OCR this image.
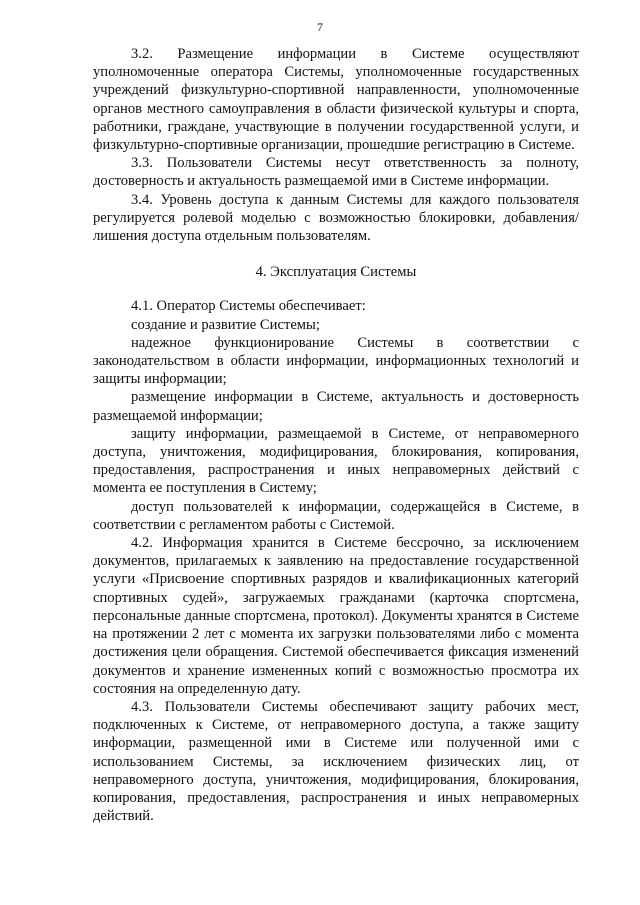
7

3.2. Размещение информации в Системе осуществляют уполномоченные оператора Системы, уполномоченные государственных учреждений физкультурно-спортивной направленности, уполномоченные органов местного самоуправления в области физической культуры и спорта, работники, граждане, участвующие в получении государственной услуги, и физкультурно-спортивные организации, прошедшие регистрацию в Системе.

3.3. Пользователи Системы несут ответственность за полноту, достоверность и актуальность размещаемой ими в Системе информации.

3.4. Уровень доступа к данным Системы для каждого пользователя регулируется ролевой моделью с возможностью блокировки, добавления/лишения доступа отдельным пользователям.

4. Эксплуатация Системы

4.1. Оператор Системы обеспечивает:

создание и развитие Системы;

надежное функционирование Системы в соответствии с законодательством в области информации, информационных технологий и защиты информации;

размещение информации в Системе, актуальность и достоверность размещаемой информации;

защиту информации, размещаемой в Системе, от неправомерного доступа, уничтожения, модифицирования, блокирования, копирования, предоставления, распространения и иных неправомерных действий с момента ее поступления в Систему;

доступ пользователей к информации, содержащейся в Системе, в соответствии с регламентом работы с Системой.

4.2. Информация хранится в Системе бессрочно, за исключением документов, прилагаемых к заявлению на предоставление государственной услуги «Присвоение спортивных разрядов и квалификационных категорий спортивных судей», загружаемых гражданами (карточка спортсмена, персональные данные спортсмена, протокол). Документы хранятся в Системе на протяжении 2 лет с момента их загрузки пользователями либо с момента достижения цели обращения. Системой обеспечивается фиксация изменений документов и хранение измененных копий с возможностью просмотра их состояния на определенную дату.

4.3. Пользователи Системы обеспечивают защиту рабочих мест, подключенных к Системе, от неправомерного доступа, а также защиту информации, размещенной ими в Системе или полученной ими с использованием Системы, за исключением физических лиц, от неправомерного доступа, уничтожения, модифицирования, блокирования, копирования, предоставления, распространения и иных неправомерных действий.
